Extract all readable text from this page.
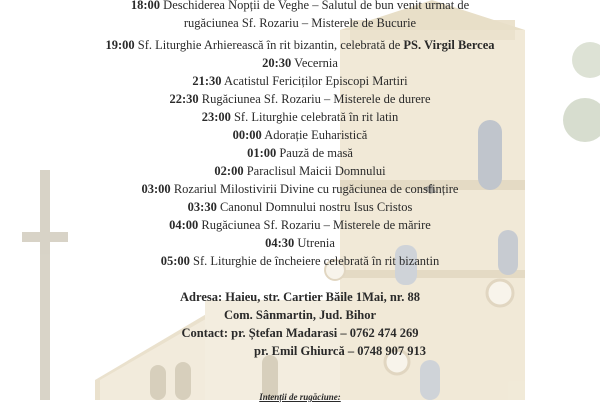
18:00 Deschiderea Nopții de Veghe – Salutul de bun venit urmat de
rugăciunea Sf. Rozariu – Misterele de Bucurie
19:00 Sf. Liturghie Arhierească în rit bizantin, celebrată de PS. Virgil Bercea
20:30 Vecernia
21:30 Acatistul Fericiților Episcopi Martiri
22:30 Rugăciunea Sf. Rozariu – Misterele de durere
23:00 Sf. Liturghie celebrată în rit latin
00:00 Adorație Euharistică
01:00 Pauză de masă
02:00 Paraclisul Maicii Domnului
03:00 Rozariul Milostivirii Divine cu rugăciunea de consfințire
03:30 Canonul Domnului nostru Isus Cristos
04:00 Rugăciunea Sf. Rozariu – Misterele de mărire
04:30 Utrenia
05:00 Sf. Liturghie de încheiere celebrată în rit bizantin
Adresa: Haieu, str. Cartier Băile 1Mai, nr. 88
Com. Sânmartin, Jud. Bihor
Contact: pr. Ștefan Madarasi – 0762 474 269
pr. Emil Ghiurcă – 0748 907 913
Intenții de rugăciune:
